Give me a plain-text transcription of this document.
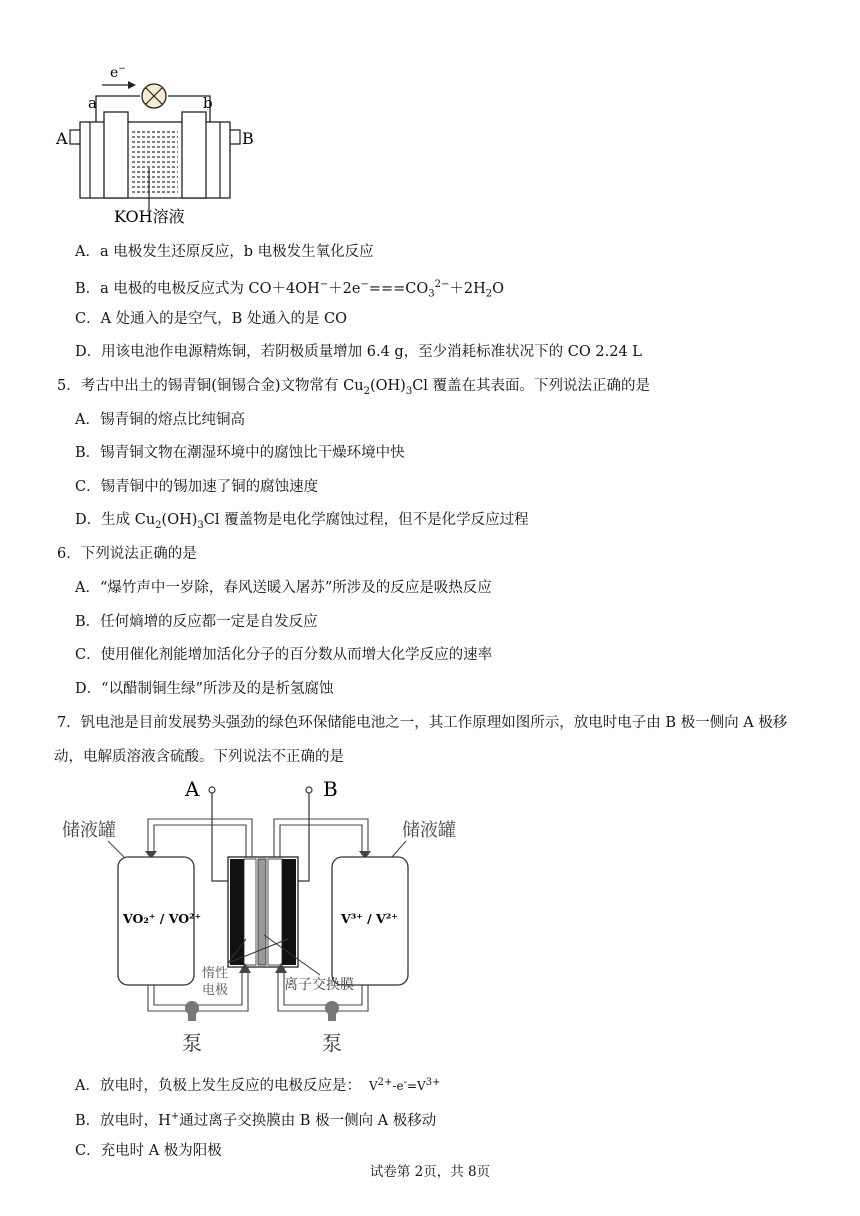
e−
a	b
A	B
KOH溶液
A．a 电极发生还原反应，b 电极发生氧化反应
B．a 电极的电极反应式为 $CO+4OH^-+2e^-===CO_3^{2-}+2H_2O$
C．A 处通入的是空气，B 处通入的是 CO
D．用该电池作电源精炼铜，若阴极质量增加 6.4 g，至少消耗标准状况下的 CO 2.24 L
5．考古中出土的锡青铜(铜锡合金)文物常有 $Cu_2(OH)_3Cl$ 覆盖在其表面。下列说法正确的是
A．锡青铜的熔点比纯铜高
B．锡青铜文物在潮湿环境中的腐蚀比干燥环境中快
C．锡青铜中的锡加速了铜的腐蚀速度
D．生成 $Cu_2(OH)_3Cl$ 覆盖物是电化学腐蚀过程，但不是化学反应过程
6．下列说法正确的是
A．“爆竹声中一岁除，春风送暖入屠苏”所涉及的反应是吸热反应
B．任何熵增的反应都一定是自发反应
C．使用催化剂能增加活化分子的百分数从而增大化学反应的速率
D．“以醋制铜生绿”所涉及的是析氢腐蚀
7．钒电池是目前发展势头强劲的绿色环保储能电池之一，其工作原理如图所示，放电时电子由 B 极一侧向 A 极移
动，电解质溶液含硫酸。下列说法不正确的是
A	B
储液罐	储液罐
VO₂⁺ / VO²⁺	V³⁺ / V²⁺
惰性
电极	离子交换膜
泵	泵
A．放电时，负极上发生反应的电极反应是： $V^{2+}-e^-=V^{3+}$
B．放电时，H+通过离子交换膜由 B 极一侧向 A 极移动
C．充电时 A 极为阳极
试卷第 2页，共 8页
